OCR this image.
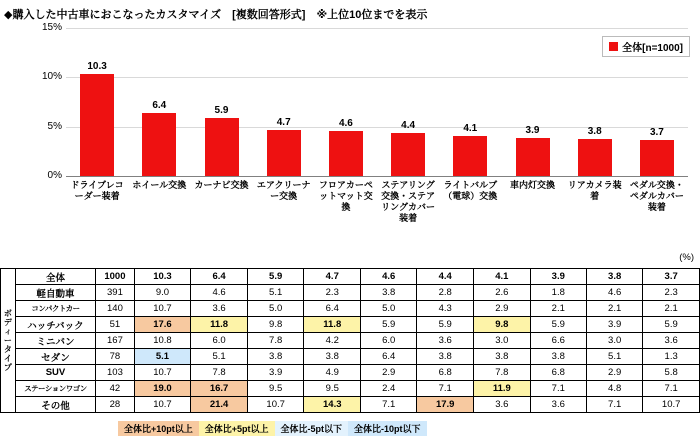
◆購入した中古車におこなったカスタマイズ　[複数回答形式]　※上位10位までを表示
全体[n=1000]
0%
5%
10%
15%
10.3
6.4	5.9
4.7	4.6	4.4	4.1	3.9	3.8	3.7
ドライブレコーダー装着
ホイール交換 カーナビ交換 エアクリーナー交換
フロアカーペットマット交換
ステアリング交換・ステアリングカバー装着
ライトバルブ（電球）交換
車内灯交換	リアカメラ装着
ペダル交換・ペダルカバー装着
(%)
ボ
デ
ィ
ー
タ
イ
プ	全体	1000	10.3	6.4	5.9	4.7	4.6	4.4	4.1	3.9	3.8	3.7
	軽自動車	391	9.0	4.6	5.1	2.3	3.8	2.8	2.6	1.8	4.6	2.3
	コンパクトカー	140	10.7	3.6	5.0	6.4	5.0	4.3	2.9	2.1	2.1	2.1
	ハッチバック	51	17.6	11.8	9.8	11.8	5.9	5.9	9.8	5.9	3.9	5.9
	ミニバン	167	10.8	6.0	7.8	4.2	6.0	3.6	3.0	6.6	3.0	3.6
	セダン	78	5.1	5.1	3.8	3.8	6.4	3.8	3.8	3.8	5.1	1.3
	SUV	103	10.7	7.8	3.9	4.9	2.9	6.8	7.8	6.8	2.9	5.8
	ステーションワゴン	42	19.0	16.7	9.5	9.5	2.4	7.1	11.9	7.1	4.8	7.1
	その他	28	10.7	21.4	10.7	14.3	7.1	17.9	3.6	3.6	7.1	10.7
全体比+10pt以上	全体比+5pt以上	全体比-5pt以下	全体比-10pt以下
